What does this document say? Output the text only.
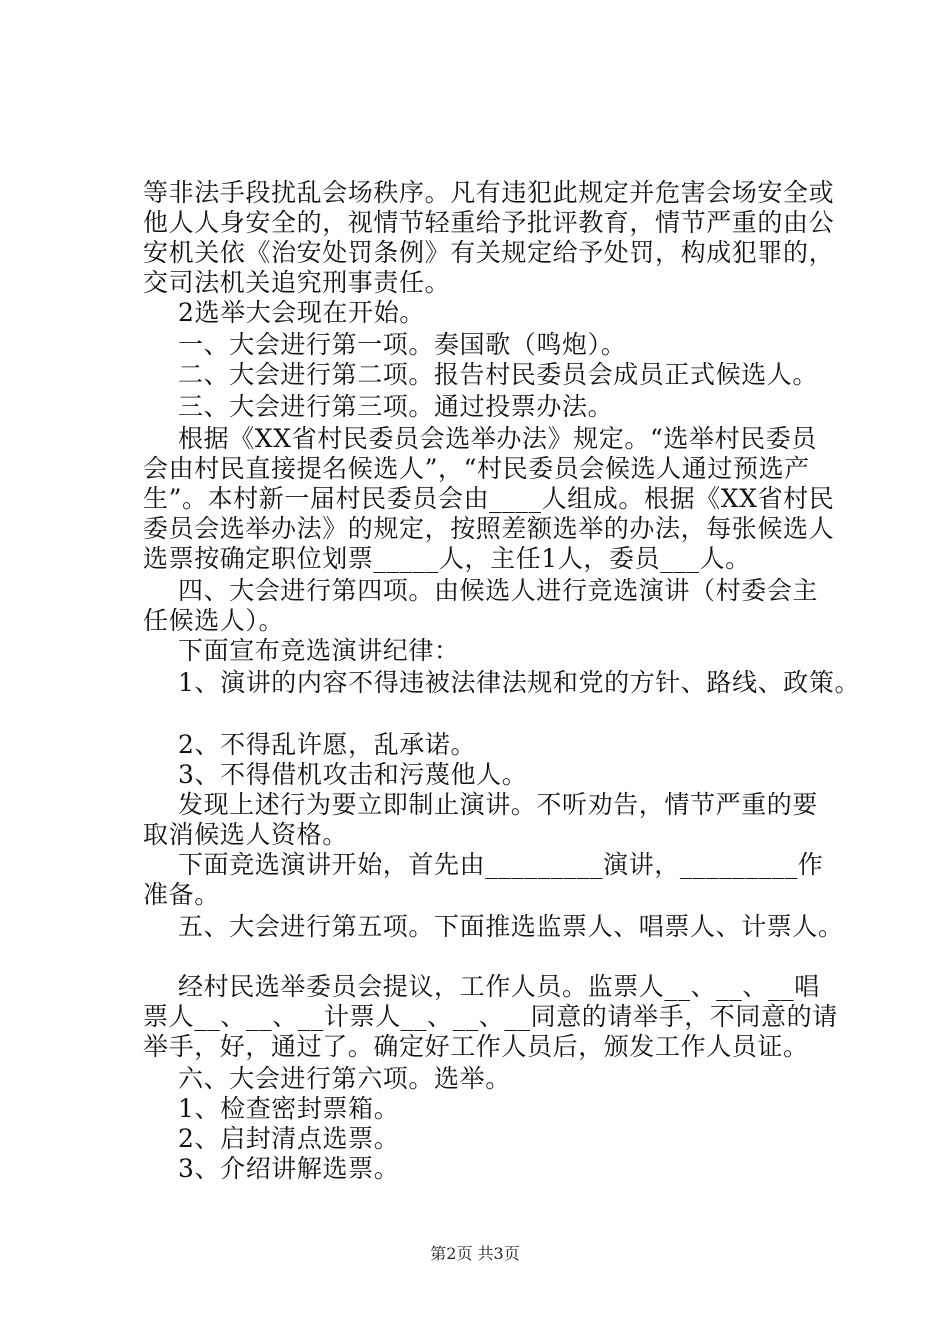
等非法手段扰乱会场秩序。凡有违犯此规定并危害会场安全或
他人人身安全的，视情节轻重给予批评教育，情节严重的由公
安机关依《治安处罚条例》有关规定给予处罚，构成犯罪的，
交司法机关追究刑事责任。
2选举大会现在开始。
一、大会进行第一项。奏国歌（鸣炮）。
二、大会进行第二项。报告村民委员会成员正式候选人。
三、大会进行第三项。通过投票办法。
根据《XX省村民委员会选举办法》规定。“选举村民委员
会由村民直接提名候选人”，“村民委员会候选人通过预选产
生”。本村新一届村民委员会由____人组成。根据《XX省村民
委员会选举办法》的规定，按照差额选举的办法，每张候选人
选票按确定职位划票_____人，主任1人，委员___人。
四、大会进行第四项。由候选人进行竞选演讲（村委会主
任候选人）。
下面宣布竞选演讲纪律：
1、演讲的内容不得违被法律法规和党的方针、路线、政策。
2、不得乱许愿，乱承诺。
3、不得借机攻击和污蔑他人。
发现上述行为要立即制止演讲。不听劝告，情节严重的要
取消候选人资格。
下面竞选演讲开始，首先由_________演讲，_________作
准备。
五、大会进行第五项。下面推选监票人、唱票人、计票人。
经村民选举委员会提议，工作人员。监票人__、__、__唱
票人__、__、__计票人__、__、__同意的请举手，不同意的请
举手，好，通过了。确定好工作人员后，颁发工作人员证。
六、大会进行第六项。选举。
1、检查密封票箱。
2、启封清点选票。
3、介绍讲解选票。
第2页 共3页
